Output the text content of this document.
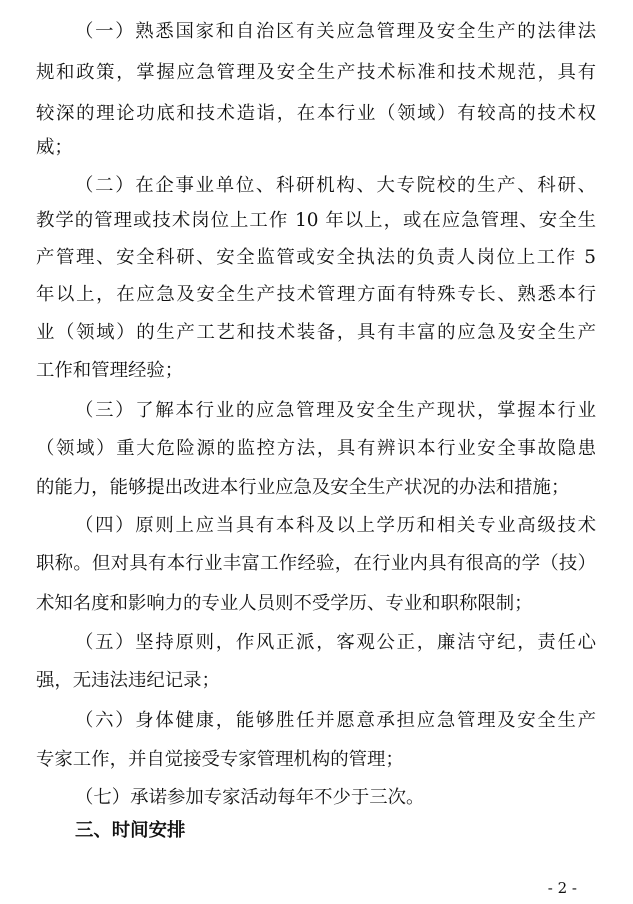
（一）熟悉国家和自治区有关应急管理及安全生产的法律法
规和政策，掌握应急管理及安全生产技术标准和技术规范，具有
较深的理论功底和技术造诣，在本行业（领域）有较高的技术权
威；
（二）在企事业单位、科研机构、大专院校的生产、科研、
教学的管理或技术岗位上工作 10 年以上，或在应急管理、安全生
产管理、安全科研、安全监管或安全执法的负责人岗位上工作 5
年以上，在应急及安全生产技术管理方面有特殊专长、熟悉本行
业（领域）的生产工艺和技术装备，具有丰富的应急及安全生产
工作和管理经验；
（三）了解本行业的应急管理及安全生产现状，掌握本行业
（领域）重大危险源的监控方法，具有辨识本行业安全事故隐患
的能力，能够提出改进本行业应急及安全生产状况的办法和措施；
（四）原则上应当具有本科及以上学历和相关专业高级技术
职称。但对具有本行业丰富工作经验，在行业内具有很高的学（技）
术知名度和影响力的专业人员则不受学历、专业和职称限制；
（五）坚持原则，作风正派，客观公正，廉洁守纪，责任心
强，无违法违纪记录；
（六）身体健康，能够胜任并愿意承担应急管理及安全生产
专家工作，并自觉接受专家管理机构的管理；
（七）承诺参加专家活动每年不少于三次。
三、时间安排
- 2 -
